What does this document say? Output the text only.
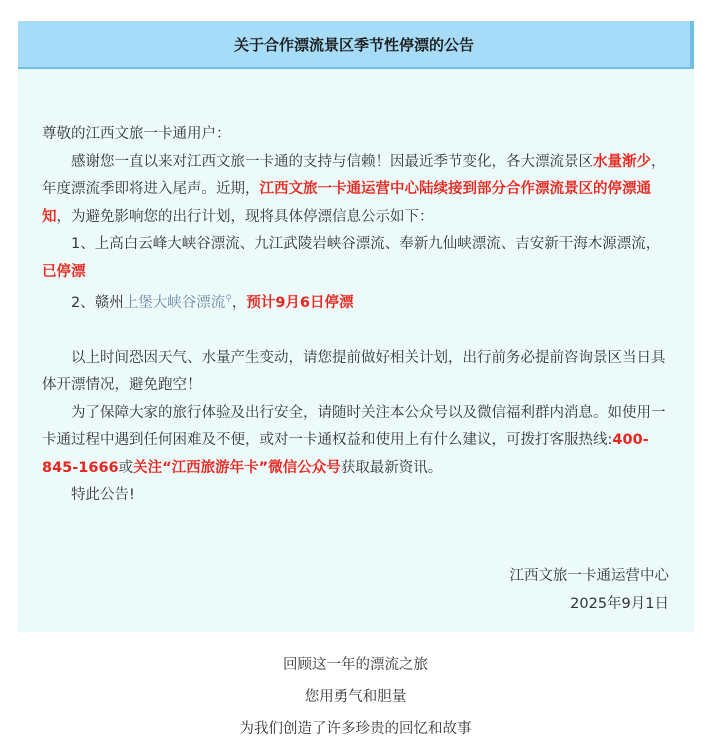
关于合作漂流景区季节性停漂的公告

尊敬的江西文旅一卡通用户：

感谢您一直以来对江西文旅一卡通的支持与信赖！因最近季节变化，各大漂流景区水量渐少，年度漂流季即将进入尾声。近期，江西文旅一卡通运营中心陆续接到部分合作漂流景区的停漂通知，为避免影响您的出行计划，现将具体停漂信息公示如下：

1、上高白云峰大峡谷漂流、九江武陵岩峡谷漂流、奉新九仙峡漂流、吉安新干海木源漂流，已停漂

2、赣州上堡大峡谷漂流⚲，预计9月6日停漂

以上时间恐因天气、水量产生变动，请您提前做好相关计划，出行前务必提前咨询景区当日具体开漂情况，避免跑空！

为了保障大家的旅行体验及出行安全，请随时关注本公众号以及微信福利群内消息。如使用一卡通过程中遇到任何困难及不便，或对一卡通权益和使用上有什么建议，可拨打客服热线:400-845-1666或关注“江西旅游年卡”微信公众号获取最新资讯。

特此公告!

江西文旅一卡通运营中心

2025年9月1日

回顾这一年的漂流之旅
您用勇气和胆量
为我们创造了许多珍贵的回忆和故事
